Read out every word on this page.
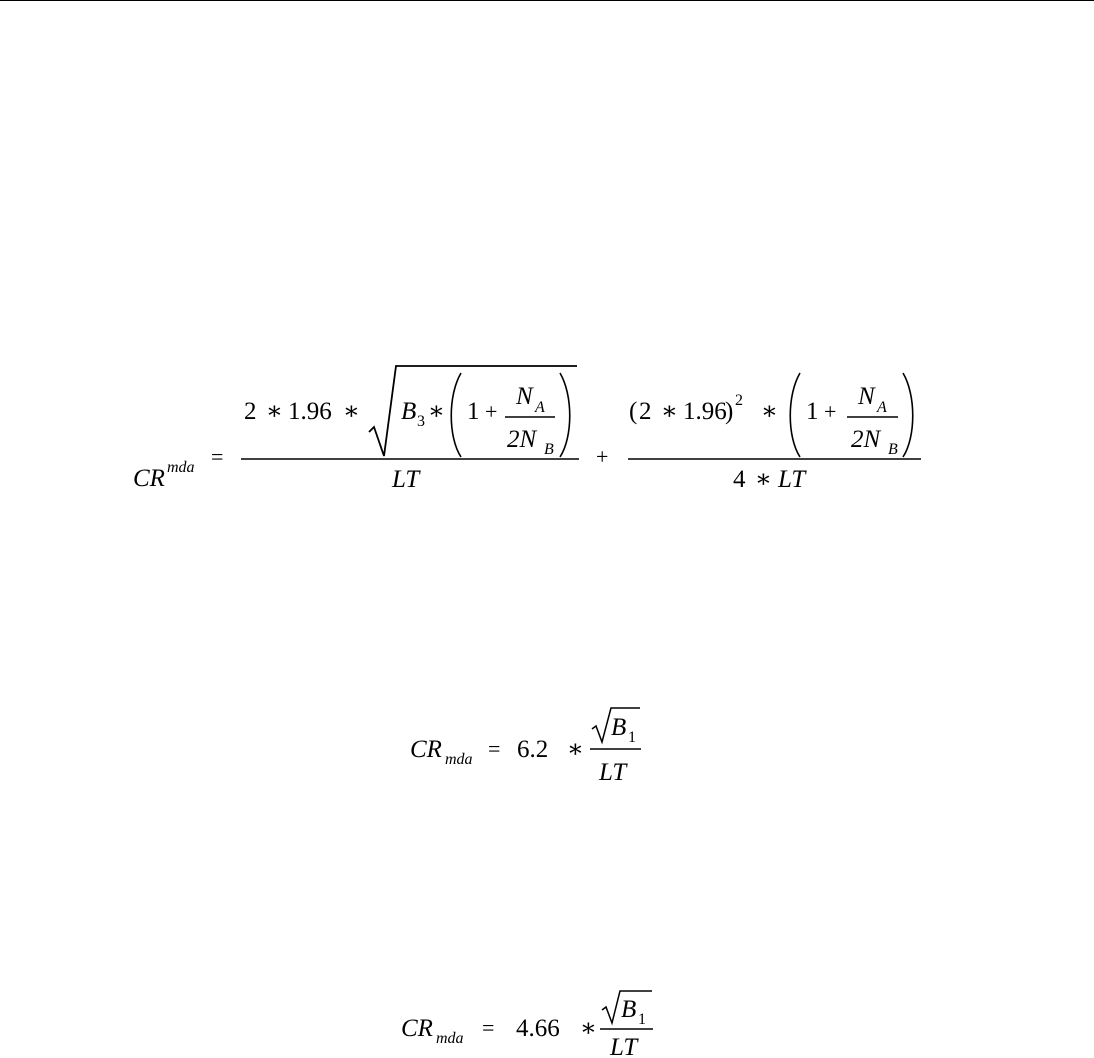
CR mda =
2 ∗ 1.96 ∗ B 3 ∗ 1 +
N A
2N B
LT
+
( 2 ∗ 1.96
) 2 ∗ 1 +
N A
2N B
4 ∗ LT
CR mda = 6.2 ∗
B 1
LT
CR mda = 4.66 ∗
B 1
LT
